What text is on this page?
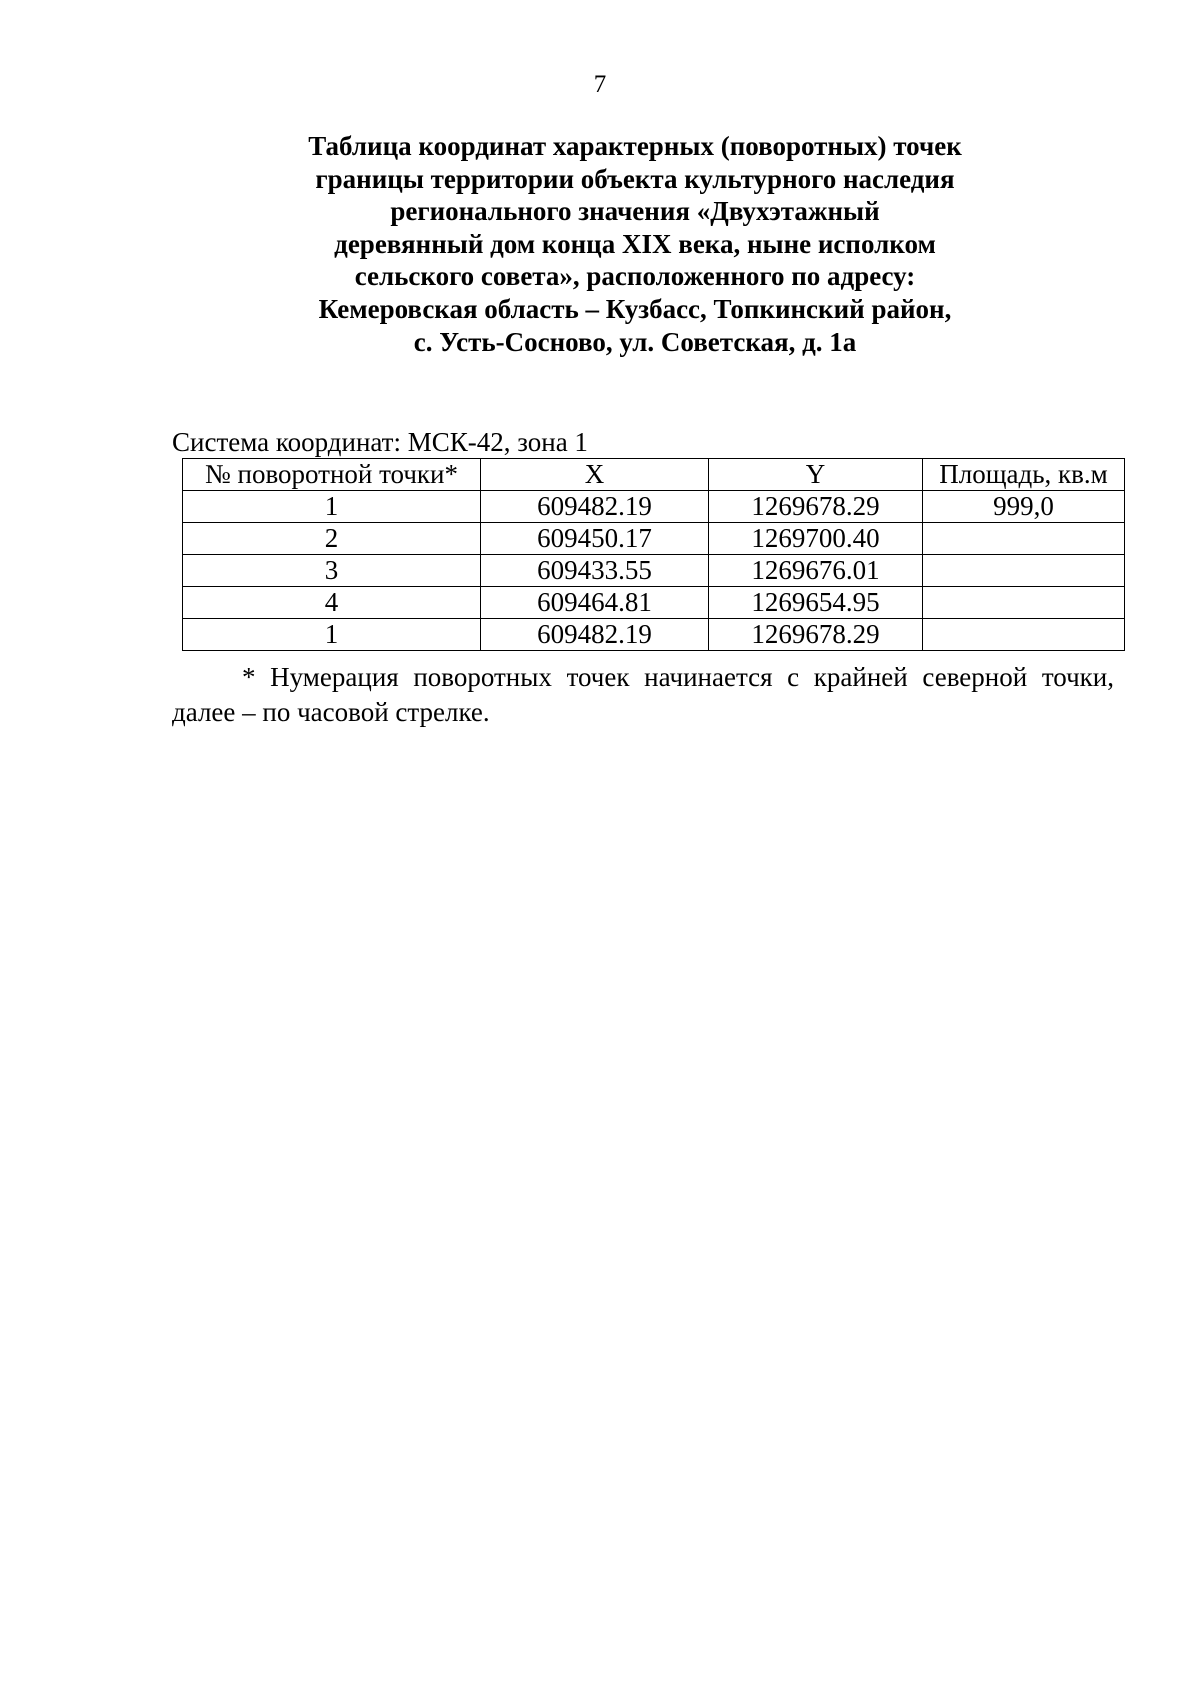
7
Таблица координат характерных (поворотных) точек
границы территории объекта культурного наследия
регионального значения «Двухэтажный
деревянный дом конца XIX века, ныне исполком
сельского совета», расположенного по адресу:
Кемеровская область – Кузбасс, Топкинский район,
с. Усть-Сосново, ул. Советская, д. 1а
Система координат: МСК-42, зона 1
№ поворотной точки*	X	Y	Площадь, кв.м
1	609482.19	1269678.29	999,0
2	609450.17	1269700.40	
3	609433.55	1269676.01	
4	609464.81	1269654.95	
1	609482.19	1269678.29	
* Нумерация поворотных точек начинается с крайней северной точки, далее – по часовой стрелке.
